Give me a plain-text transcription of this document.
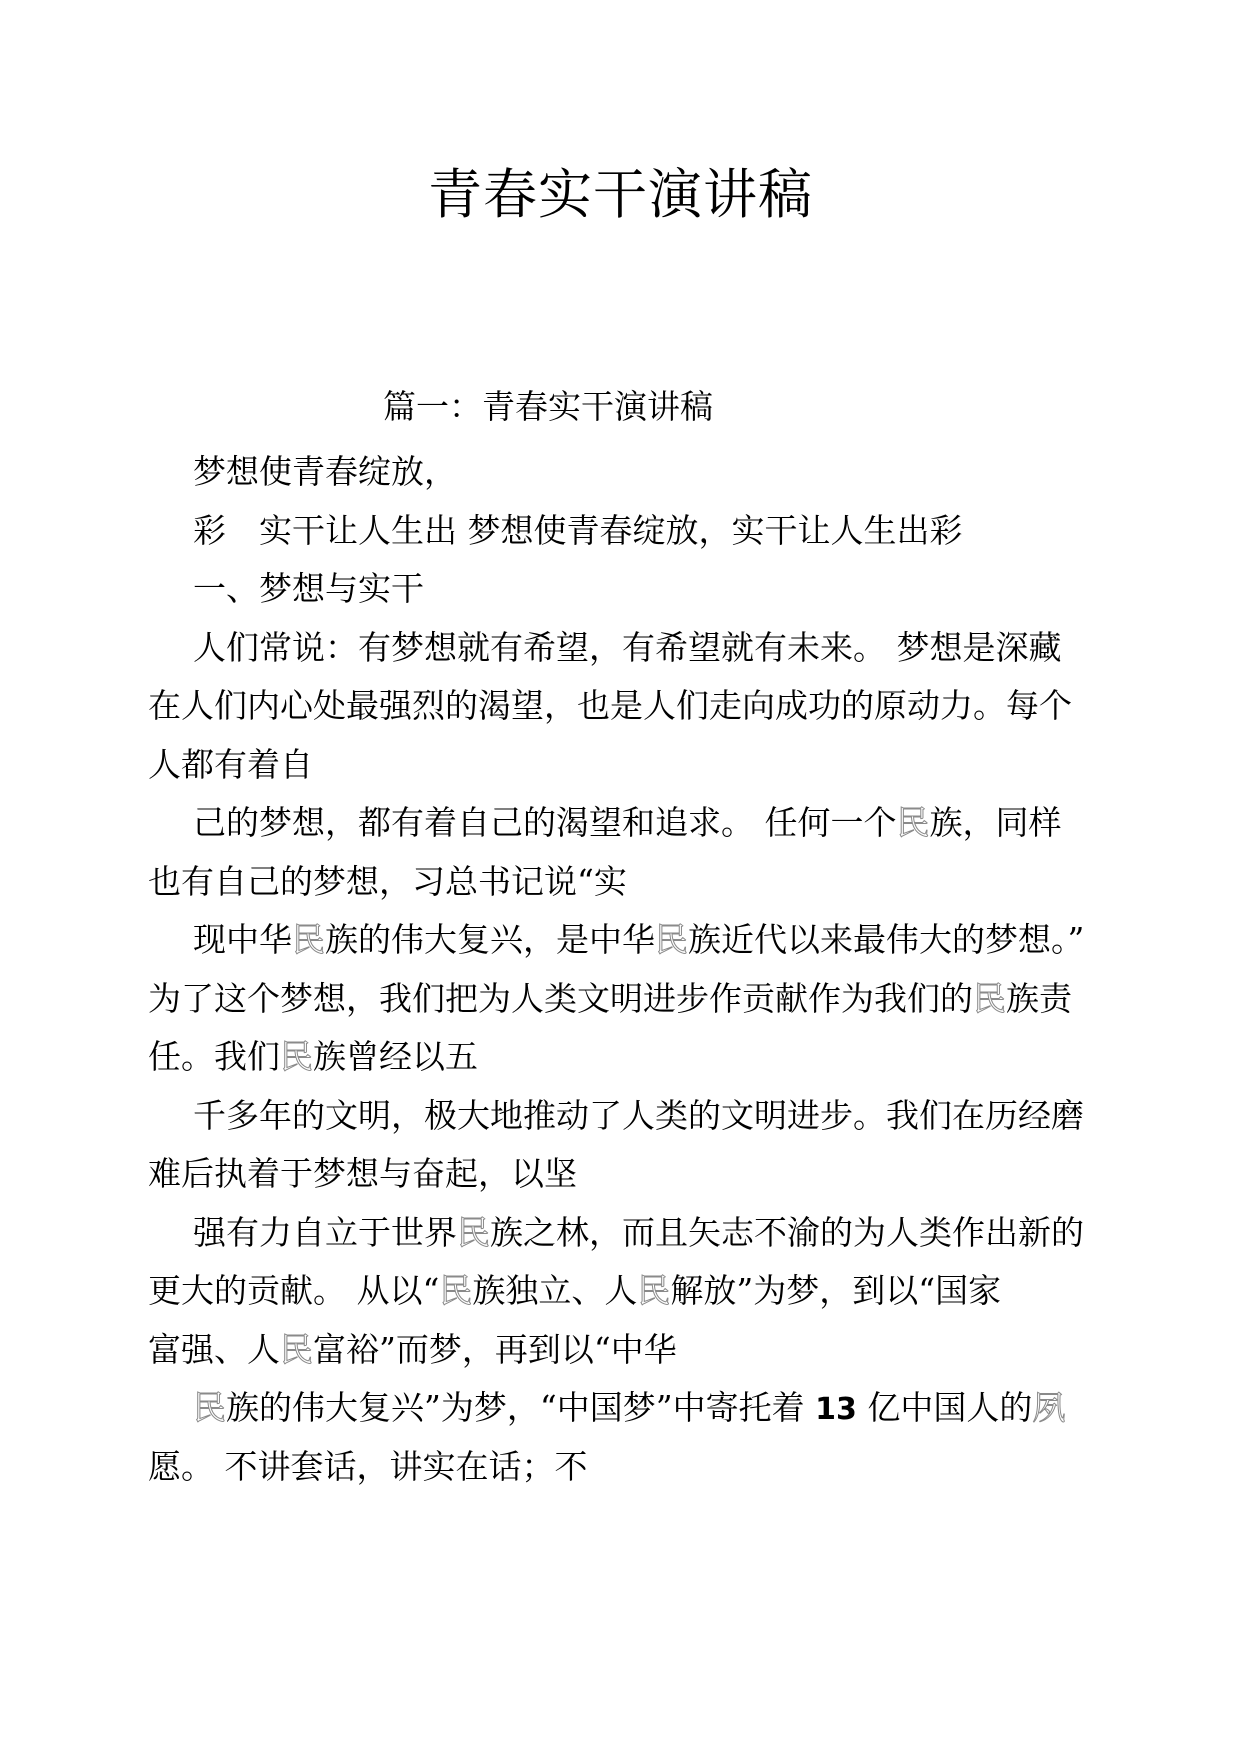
青春实干演讲稿
篇一：青春实干演讲稿
梦想使青春绽放，
彩　实干让人生出 梦想使青春绽放，实干让人生出彩
一、梦想与实干
人们常说：有梦想就有希望，有希望就有未来。 梦想是深藏
在人们内心处最强烈的渴望，也是人们走向成功的原动力。每个
人都有着自
己的梦想，都有着自己的渴望和追求。 任何一个民族，同样
也有自己的梦想，习总书记说“实
现中华民族的伟大复兴，是中华民族近代以来最伟大的梦想。”
为了这个梦想，我们把为人类文明进步作贡献作为我们的民族责
任。我们民族曾经以五
千多年的文明，极大地推动了人类的文明进步。我们在历经磨
难后执着于梦想与奋起，以坚
强有力自立于世界民族之林，而且矢志不渝的为人类作出新的
更大的贡献。 从以“民族独立、人民解放”为梦，到以“国家
富强、人民富裕”而梦，再到以“中华
民族的伟大复兴”为梦，“中国梦”中寄托着 13 亿中国人的夙
愿。 不讲套话，讲实在话；不
